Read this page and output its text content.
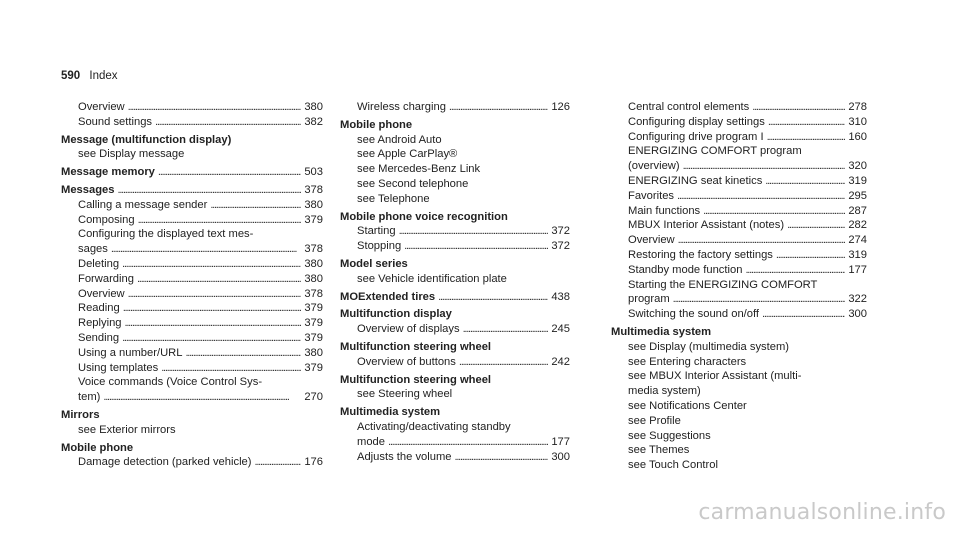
590 Index
Overview . . .	380
Sound settings . . .	382
Message (multifunction display)
see Display message
Message memory . . .	503
Messages . . .	378
Calling a message sender . . .	380
Composing . . .	379
Configuring the displayed text mes-
sages . . .	378
Deleting . . .	380
Forwarding . . .	380
Overview . . .	378
Reading . . .	379
Replying . . .	379
Sending . . .	379
Using a number/URL . . .	380
Using templates . . .	379
Voice commands (Voice Control Sys-
tem) . . .	270
Mirrors
see Exterior mirrors
Mobile phone
Damage detection (parked vehicle) . . .	176
Wireless charging . . .	126
Mobile phone
see Android Auto
see Apple CarPlay®
see Mercedes-Benz Link
see Second telephone
see Telephone
Mobile phone voice recognition
Starting . . .	372
Stopping . . .	372
Model series
see Vehicle identification plate
MOExtended tires . . .	438
Multifunction display
Overview of displays . . .	245
Multifunction steering wheel
Overview of buttons . . .	242
Multifunction steering wheel
see Steering wheel
Multimedia system
Activating/deactivating standby
mode . . .	177
Adjusts the volume . . .	300
Central control elements . . .	278
Configuring display settings . . .	310
Configuring drive program I . . .	160
ENERGIZING COMFORT program
(overview) . . .	320
ENERGIZING seat kinetics . . .	319
Favorites . . .	295
Main functions . . .	287
MBUX Interior Assistant (notes) . . .	282
Overview . . .	274
Restoring the factory settings . . .	319
Standby mode function . . .	177
Starting the ENERGIZING COMFORT
program . . .	322
Switching the sound on/off . . .	300
Multimedia system
see Display (multimedia system)
see Entering characters
see MBUX Interior Assistant (multi-
media system)
see Notifications Center
see Profile
see Suggestions
see Themes
see Touch Control
carmanualsonline.info
